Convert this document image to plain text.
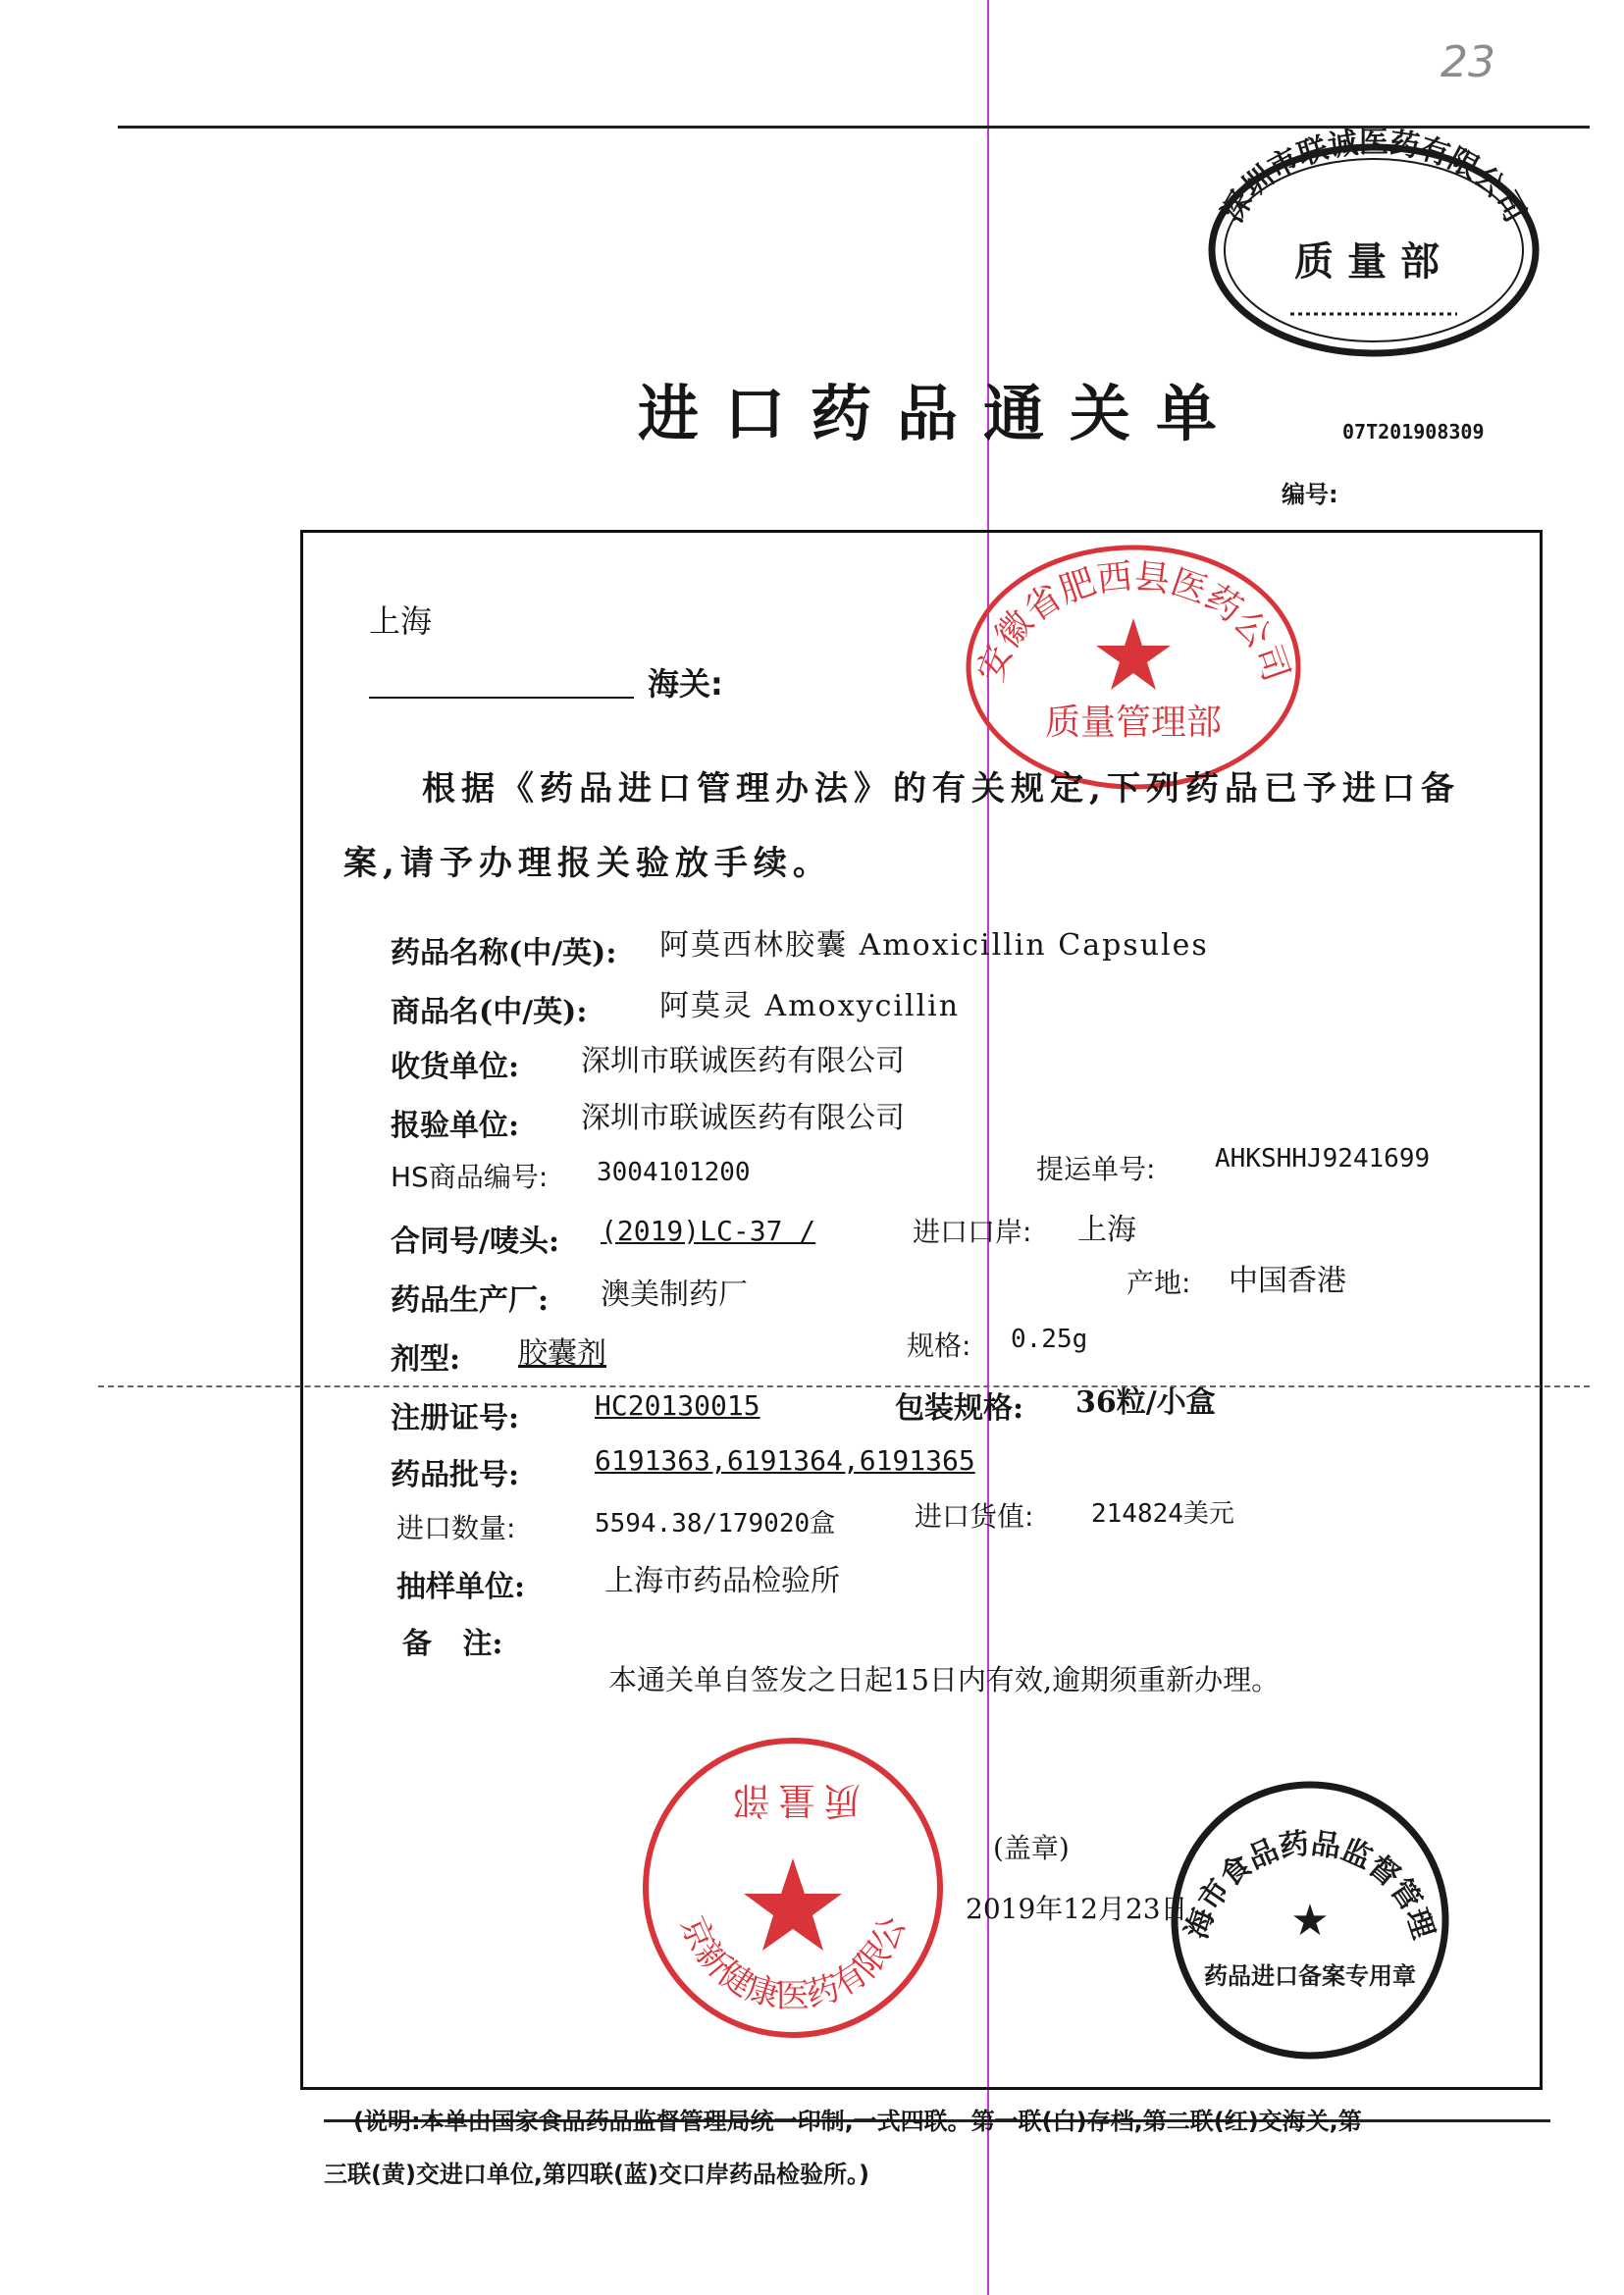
23
深圳市联诚医药有限公司
质量部
进口药品通关单	07T201908309
编号:
安徽省肥西县医药公司
质量管理部
上海
海关:
根据《药品进口管理办法》的有关规定,下列药品已予进口备
案,请予办理报关验放手续。
药品名称(中/英): 阿莫西林胶囊 Amoxicillin Capsules
商品名(中/英): 阿莫灵 Amoxycillin
收货单位: 深圳市联诚医药有限公司
报验单位: 深圳市联诚医药有限公司
HS商品编号: 3004101200	提运单号: AHKSHHJ9241699
合同号/唛头: (2019)LC-37 /	进口口岸: 上海
药品生产厂: 澳美制药厂	产地: 中国香港
剂型: 胶囊剂	规格: 0.25g
注册证号:	HC20130015	包装规格: 36粒/小盒
药品批号:	6191363,6191364,6191365
进口数量:	5594.38/179020盒	进口货值: 214824美元
抽样单位:	上海市药品检验所
备   注:
本通关单自签发之日起15日内有效,逾期须重新办理。
南京新健康医药有限公司
质量部
(盖章)
2019年12月23日
上海市食品药品监督管理局
药品进口备案专用章
★
(说明:本单由国家食品药品监督管理局统一印制,一式四联。第一联(白)存档,第二联(红)交海关,第
三联(黄)交进口单位,第四联(蓝)交口岸药品检验所。)
